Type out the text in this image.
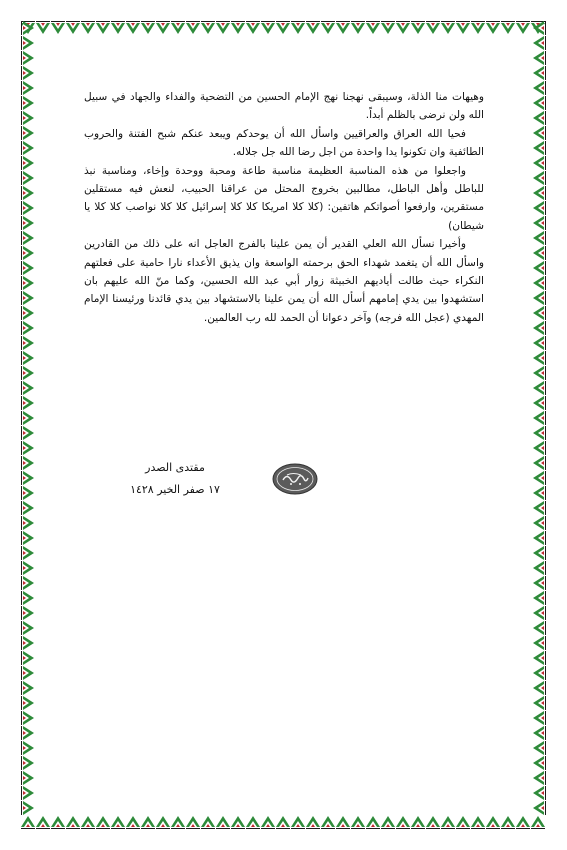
وهيهات منا الذلة، وسيبقى نهجنا نهج الإمام الحسين من التضحية والفداء والجهاد في سبيل الله ولن نرضى بالظلم أبداً.

فحيا الله العراق والعراقيين واسأل الله أن يوحدكم ويبعد عنكم شبح الفتنة والحروب الطائفية وان تكونوا يدا واحدة من اجل رضا الله جل جلاله.

واجعلوا من هذه المناسبة العظيمة مناسبة طاعة ومحبة ووحدة وإخاء، ومناسبة نبذ للباطل وأهل الباطل، مطالبين بخروج المحتل من عراقنا الحبيب، لنعش فيه مستقلين مستقرين، وارفعوا أصواتكم هاتفين: (كلا كلا امريكا كلا كلا إسرائيل كلا كلا نواصب كلا كلا يا شيطان)

وأخيرا نسأل الله العلي القدير أن يمن علينا بالفرج العاجل انه على ذلك من القادرين واسأل الله أن يتغمد شهداء الحق برحمته الواسعة وان يذيق الأعداء نارا حامية على فعلتهم النكراء حيث طالت أياديهم الخبيثة زوار أبي عبد الله الحسين، وكما منّ الله عليهم بان استشهدوا بين يدي إمامهم أسأل الله أن يمن علينا بالاستشهاد بين يدي قائدنا ورئيسنا الإمام المهدي (عجل الله فرجه) وآخر دعوانا أن الحمد لله رب العالمين.

مقتدى الصدر
١٧ صفر الخير ١٤٢٨
